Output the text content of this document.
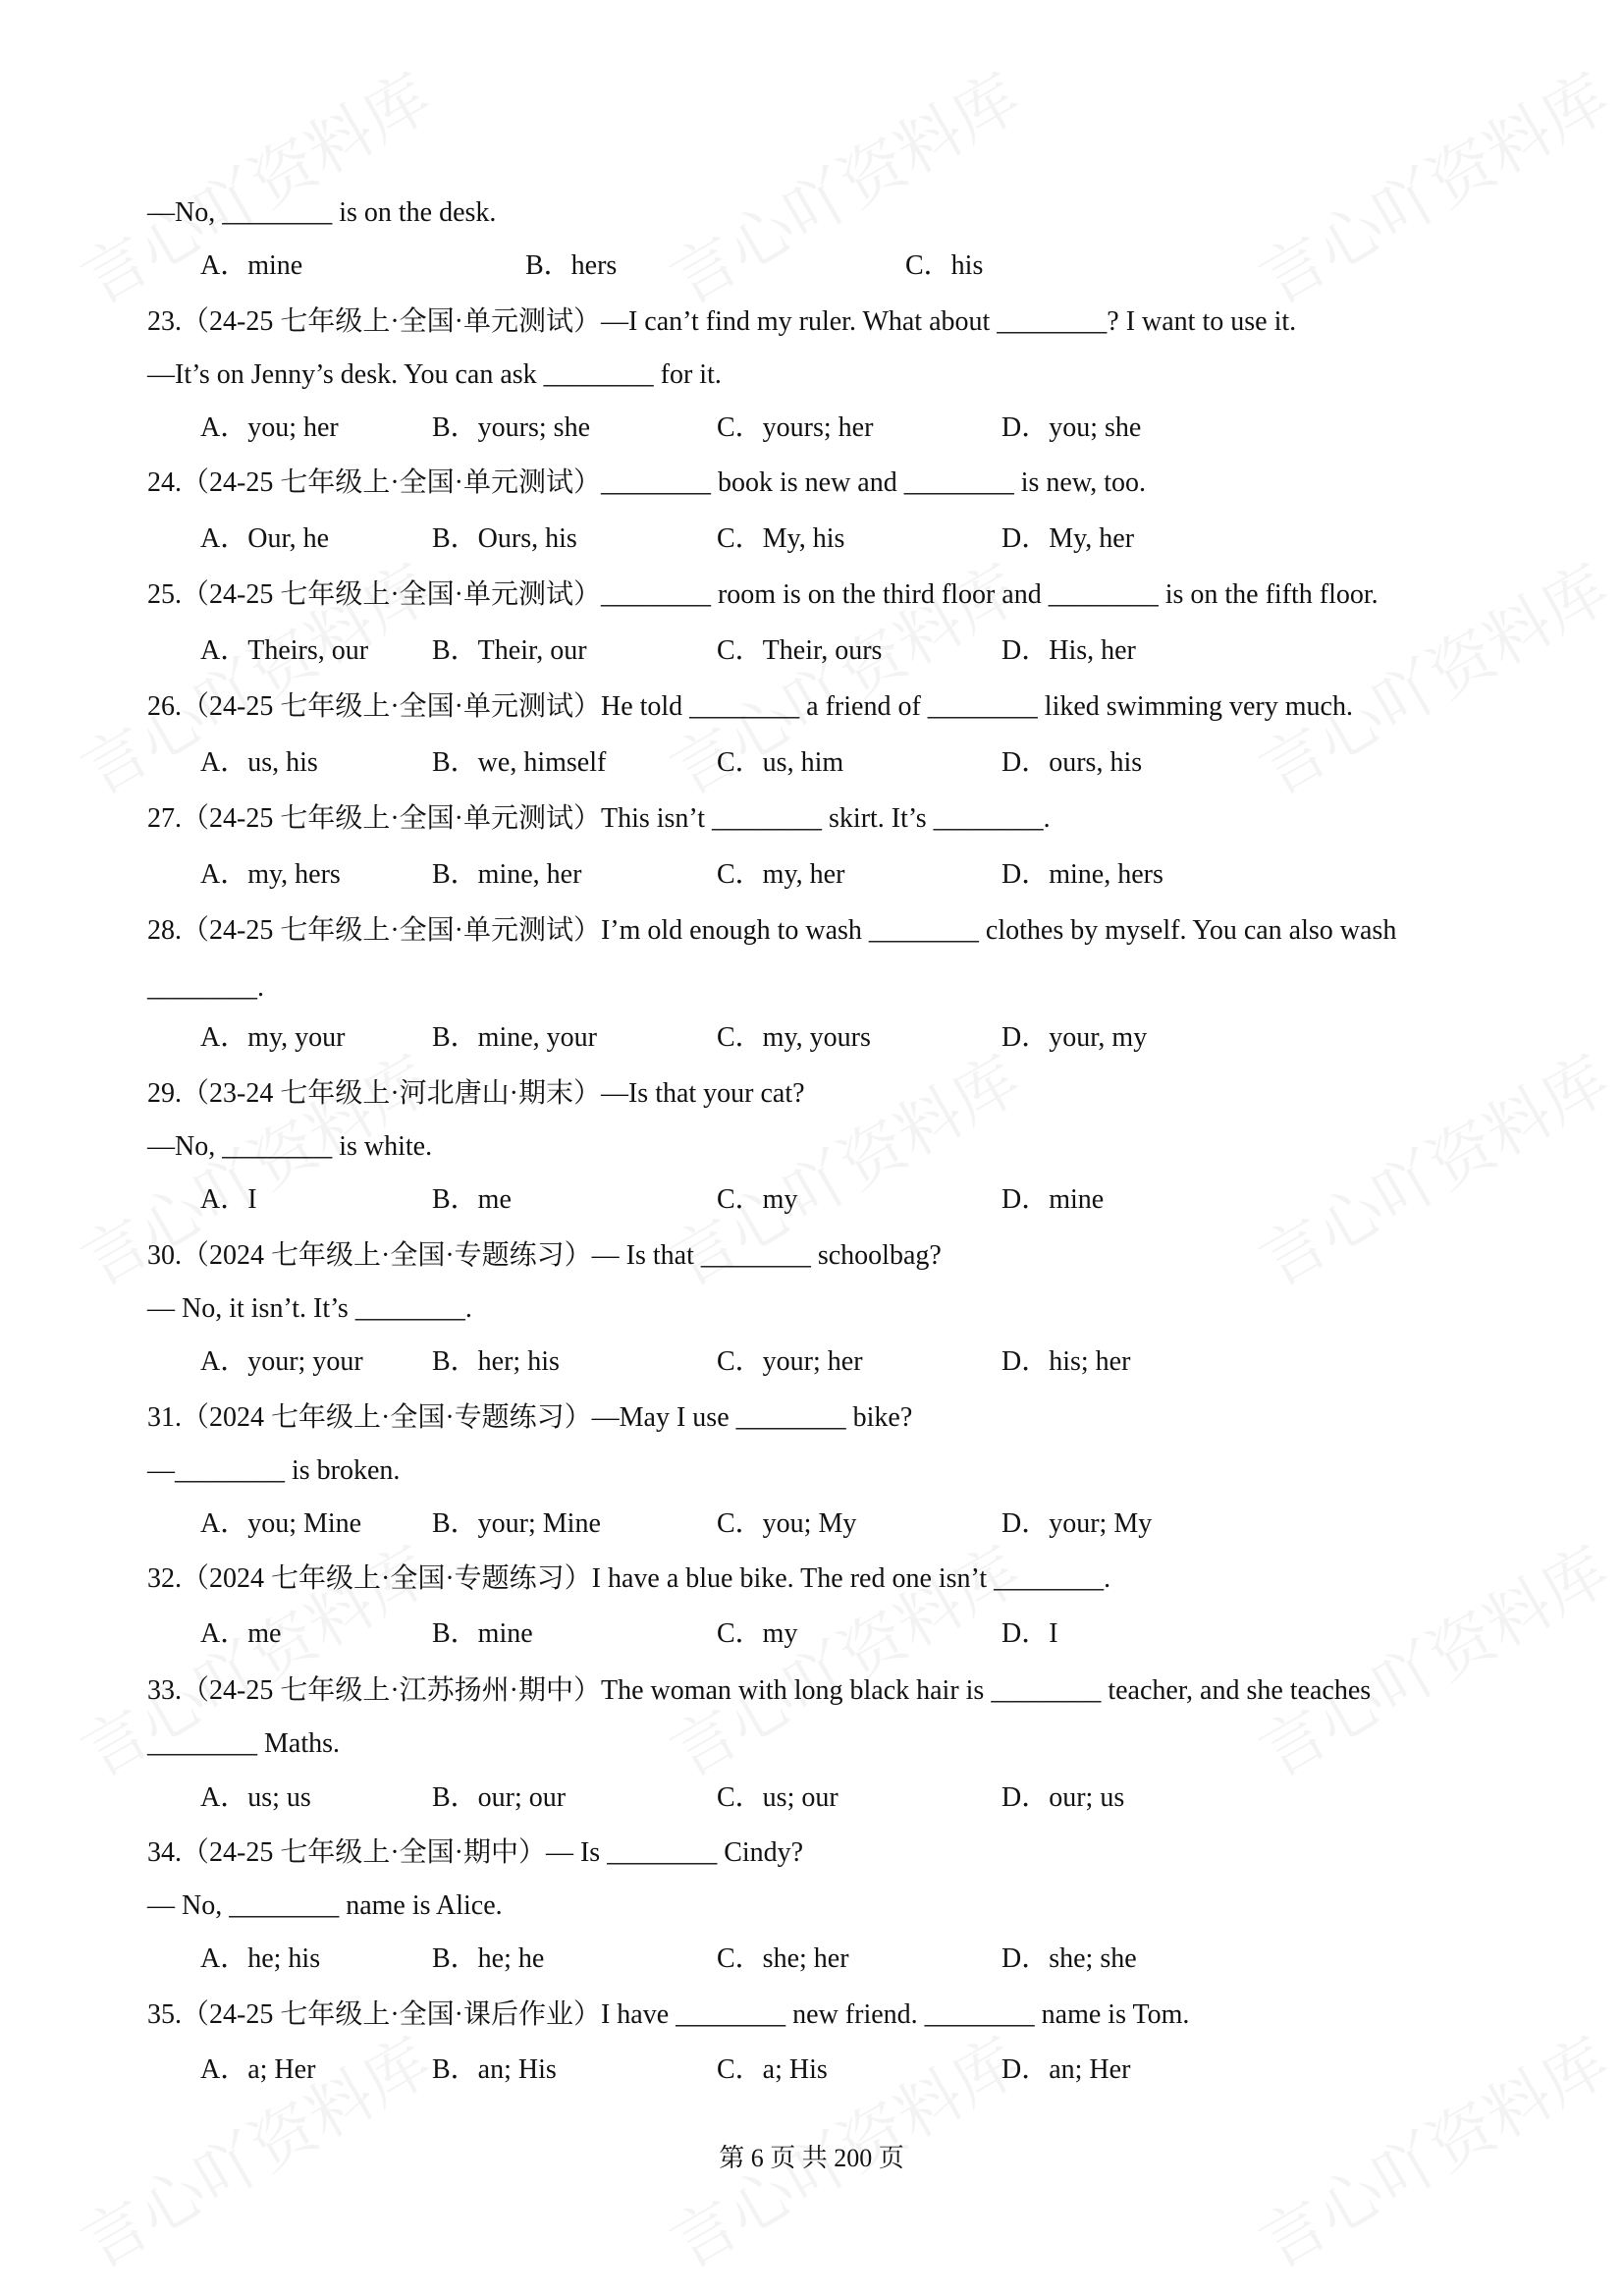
—No, ________ is on the desk.
A．mine	B．hers	C．his
23.（24-25 七年级上·全国·单元测试）—I can’t find my ruler. What about ________? I want to use it.
—It’s on Jenny’s desk. You can ask ________ for it.
A．you; her	B．yours; she	C．yours; her	D．you; she
24.（24-25 七年级上·全国·单元测试）________ book is new and ________ is new, too.
A．Our, he	B．Ours, his	C．My, his	D．My, her
25.（24-25 七年级上·全国·单元测试）________ room is on the third floor and ________ is on the fifth floor.
A．Theirs, our B．Their, our	C．Their, ours	D．His, her
26.（24-25 七年级上·全国·单元测试）He told ________ a friend of ________ liked swimming very much.
A．us, his	B．we, himself	C．us, him	D．ours, his
27.（24-25 七年级上·全国·单元测试）This isn’t ________ skirt. It’s ________.
A．my, hers	B．mine, her	C．my, her	D．mine, hers
28.（24-25 七年级上·全国·单元测试）I’m old enough to wash ________ clothes by myself. You can also wash
________.
A．my, your	B．mine, your	C．my, yours	D．your, my
29.（23-24 七年级上·河北唐山·期末）—Is that your cat?
—No, ________ is white.
A．I	B．me	C．my	D．mine
30.（2024 七年级上·全国·专题练习）— Is that ________ schoolbag?
— No, it isn’t. It’s ________.
A．your; your	B．her; his	C．your; her	D．his; her
31.（2024 七年级上·全国·专题练习）—May I use ________ bike?
—________ is broken.
A．you; Mine	B．your; Mine	C．you; My	D．your; My
32.（2024 七年级上·全国·专题练习）I have a blue bike. The red one isn’t ________.
A．me	B．mine	C．my	D．I
33.（24-25 七年级上·江苏扬州·期中）The woman with long black hair is ________ teacher, and she teaches
________ Maths.
A．us; us	B．our; our	C．us; our	D．our; us
34.（24-25 七年级上·全国·期中）— Is ________ Cindy?
— No, ________ name is Alice.
A．he; his	B．he; he	C．she; her	D．she; she
35.（24-25 七年级上·全国·课后作业）I have ________ new friend. ________ name is Tom.
A．a; Her	B．an; His	C．a; His	D．an; Her
第 6 页 共 200 页
